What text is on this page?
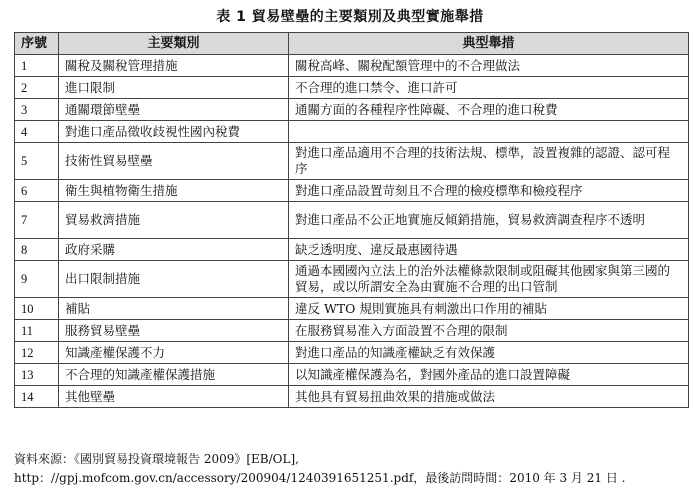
表 1 貿易壁壘的主要類別及典型實施舉措
序號	主要類別	典型舉措
1	關稅及關稅管理措施	關稅高峰、關稅配額管理中的不合理做法
2	進口限制	不合理的進口禁令、進口許可
3	通關環節壁壘	通關方面的各種程序性障礙、不合理的進口稅費
4	對進口產品徵收歧視性國內稅費	
5	技術性貿易壁壘	對進口產品適用不合理的技術法規、標準，設置複雜的認證、認可程序
6	衛生與植物衛生措施	對進口產品設置苛刻且不合理的檢疫標準和檢疫程序
7	貿易救濟措施	對進口產品不公正地實施反傾銷措施，貿易救濟調查程序不透明
8	政府采購	缺乏透明度、違反最惠國待遇
9	出口限制措施	通過本國國內立法上的治外法權條款限制或阻礙其他國家與第三國的貿易，或以所謂安全為由實施不合理的出口管制
10	補貼	違反 WTO 規則實施具有刺激出口作用的補貼
11	服務貿易壁壘	在服務貿易准入方面設置不合理的限制
12	知識產權保護不力	對進口產品的知識產權缺乏有效保護
13	不合理的知識產權保護措施	以知識產權保護為名，對國外產品的進口設置障礙
14	其他壁壘	其他具有貿易扭曲效果的措施或做法
資料來源：《國別貿易投資環境報告 2009》[EB/OL],
http：//gpj.mofcom.gov.cn/accessory/200904/1240391651251.pdf，最後訪問時間：2010 年 3 月 21 日 .
